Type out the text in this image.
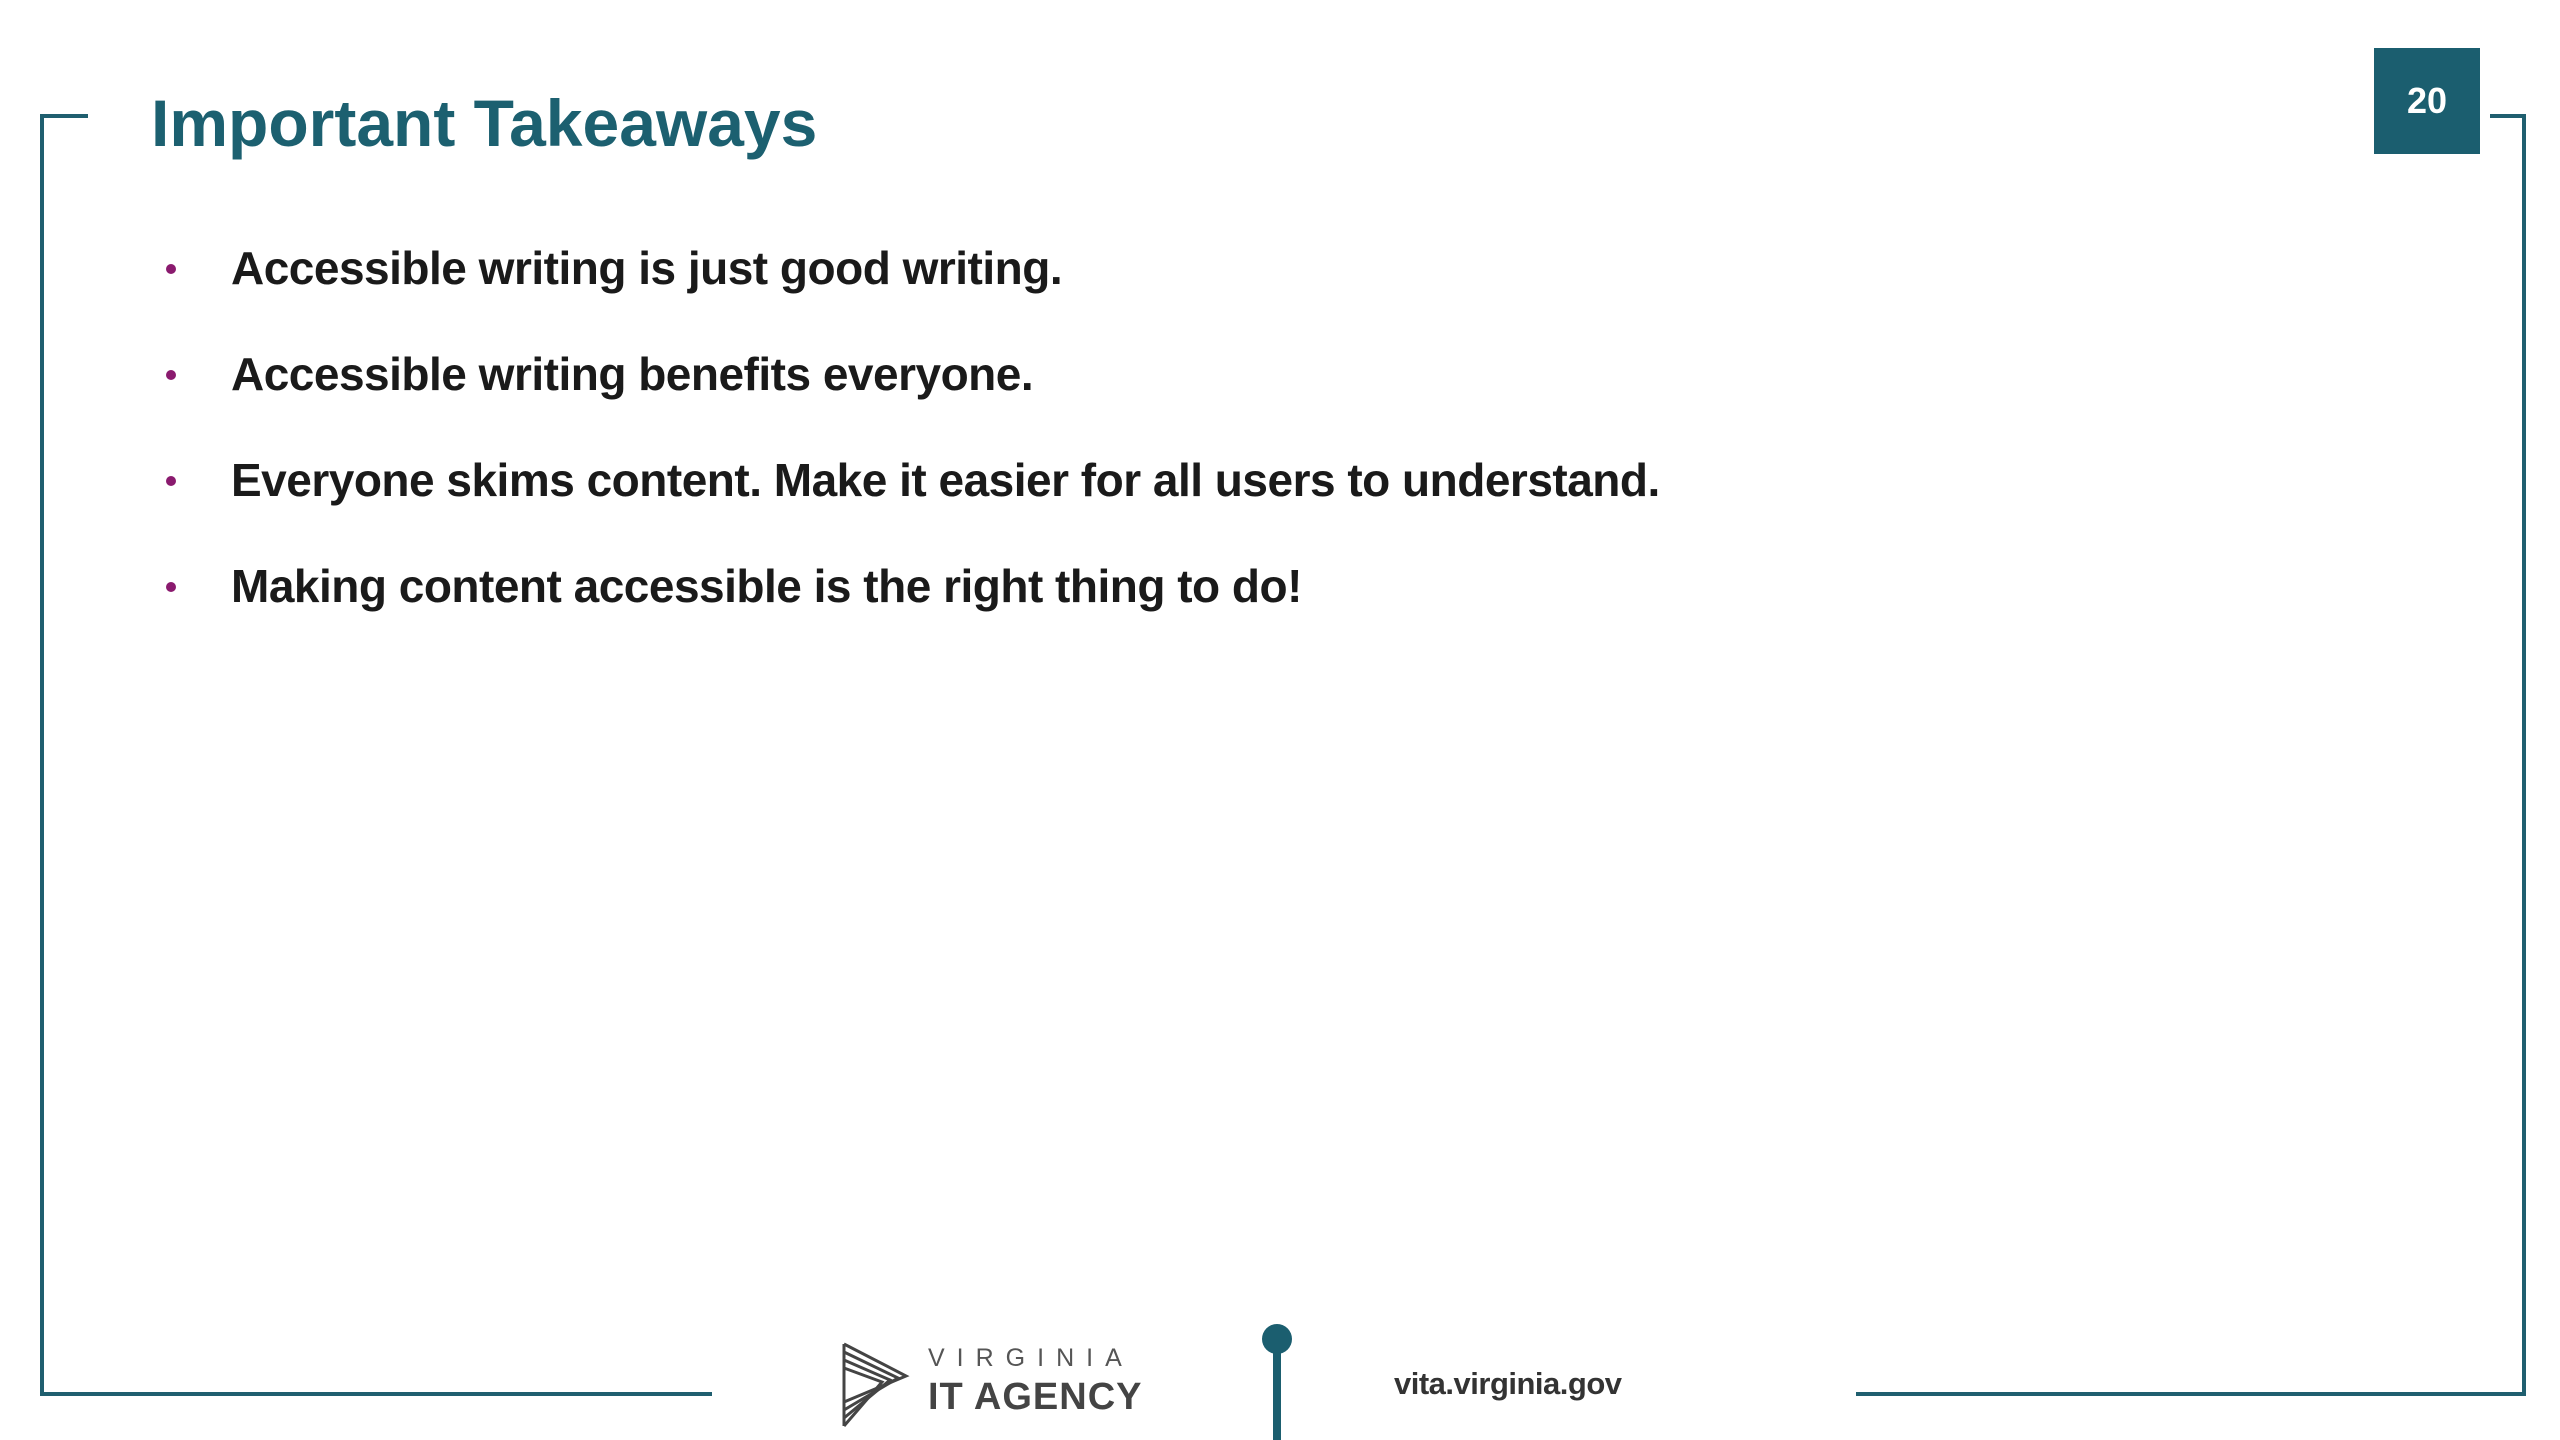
Important Takeaways	20
Accessible writing is just good writing.
Accessible writing benefits everyone.
Everyone skims content. Make it easier for all users to understand.
Making content accessible is the right thing to do!
VIRGINIA
IT AGENCY	vita.virginia.gov
